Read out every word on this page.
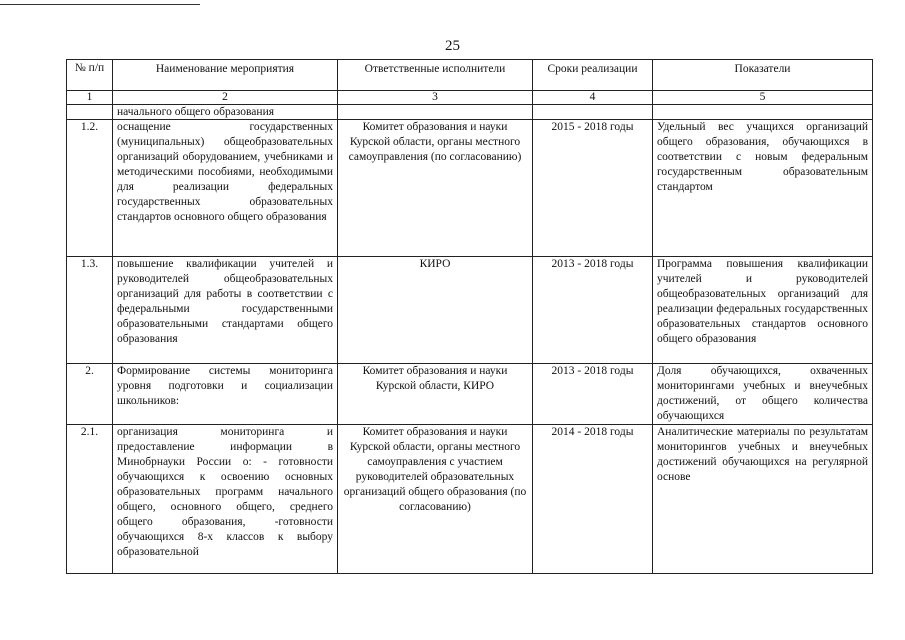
25
№ п/п	Наименование мероприятия	Ответственные исполнители	Сроки реализации	Показатели
1	2	3	4	5
	начального общего образования			
1.2.	оснащение государственных (муниципальных) общеобразовательных организаций оборудованием, учебниками и методическими пособиями, необходимыми для реализации федеральных государственных образовательных стандартов основного общего образования	Комитет образования и науки Курской области, органы местного самоуправления (по согласованию)	2015 - 2018 годы	Удельный вес учащихся организаций общего образования, обучающихся в соответствии с новым федеральным государственным образовательным стандартом
1.3.	повышение квалификации учителей и руководителей общеобразовательных организаций для работы в соответствии с федеральными государственными образовательными стандартами общего образования	КИРО	2013 - 2018 годы	Программа повышения квалификации учителей и руководителей общеобразовательных организаций для реализации федеральных государственных образовательных стандартов основного общего образования
2.	Формирование системы мониторинга уровня подготовки и социализации школьников:	Комитет образования и науки Курской области, КИРО	2013 - 2018 годы	Доля обучающихся, охваченных мониторингами учебных и внеучебных достижений, от общего количества обучающихся
2.1.	организация мониторинга и предоставление информации в Минобрнауки России о: - готовности обучающихся к освоению основных образовательных программ начального общего, основного общего, среднего общего образования, -готовности обучающихся 8-х классов к выбору образовательной	Комитет образования и науки Курской области, органы местного самоуправления с участием руководителей образовательных организаций общего образования (по согласованию)	2014 - 2018 годы	Аналитические материалы по результатам мониторингов учебных и внеучебных достижений обучающихся на регулярной основе
